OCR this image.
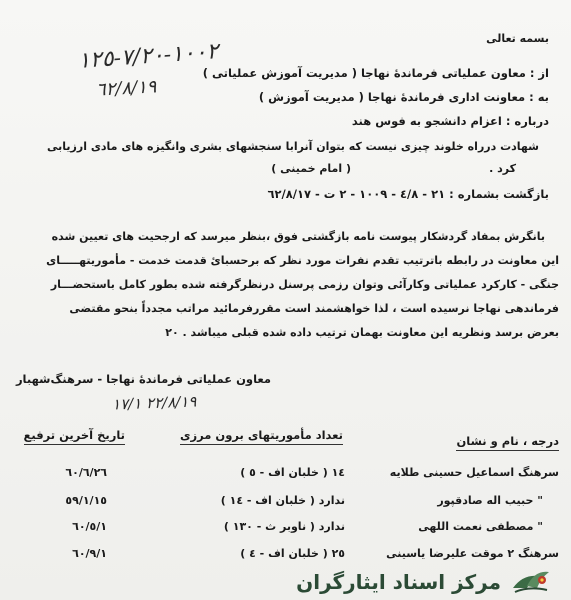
بسمه تعالی
١٠٠٢-٧/٢٠-١٢٥
٦٢/٨/١٩
از : معاون عملیاتی فرماندهٔ نهاجا ( مدیریت آموزش عملیاتی )
به : معاونت اداری فرماندهٔ نهاجا ( مدیریت آموزش )
درباره : اعزام دانشجو به فوس هند
شهادت درراه خلوند چیزی نیست که بتوان آنرابا سنجشهای بشری وانگیزه های مادی ارزیابی
کرد .
( امام خمینی )
بازگشت بشماره : ٢١ - ٤/٨ - ١٠٠٩ - ٢ ت - ٦٢/٨/١٧
بانگرش بمفاد گردشکار پیوست نامه بازگشتی فوق ،بنظر میرسد که ارجحیت های تعیین شده
این معاونت در رابطه باترتیب تقدم نفرات مورد نظر که برحسبائ قدمت خدمت - مأموریتهـــــای
جنگی - کارکرد عملیاتی وکارآئی وتوان رزمی پرسنل درنظرگرفته شده بطور کامل باستحضـــار
فرماندهی نهاجا نرسیده است ، لذا خواهشمند است مقررفرمائید مراتب مجدداً بنحو مقتضی
بعرض برسد ونظریه این معاونت بهمان ترتیب داده شده قبلی میباشد . ٢٠
معاون عملیاتی فرماندهٔ نهاجا - سرهنگ‌شهبار
۱۷/۱ ۲۲/۸/۱۹
درجه ، نام و نشان
تعداد مأموریتهای برون مرزی
تاریخ آخرین ترفیع
سرهنگ اسماعیل حسینی طلایه
١٤ ( خلبان اف - ٥ )
٦٠/٦/٢٦
" حبیب اله صادقپور
ندارد ( خلبان اف - ١٤ )
٥٩/١/١٥
" مصطفی نعمت اللهی
ندارد ( ناوبر ث - ١٣٠ )
٦٠/٥/١
سرهنگ ٢ موقت علیرضا یاسینی
٢٥ ( خلبان اف - ٤ )
٦٠/٩/١
مرکز اسناد ایثارگران
